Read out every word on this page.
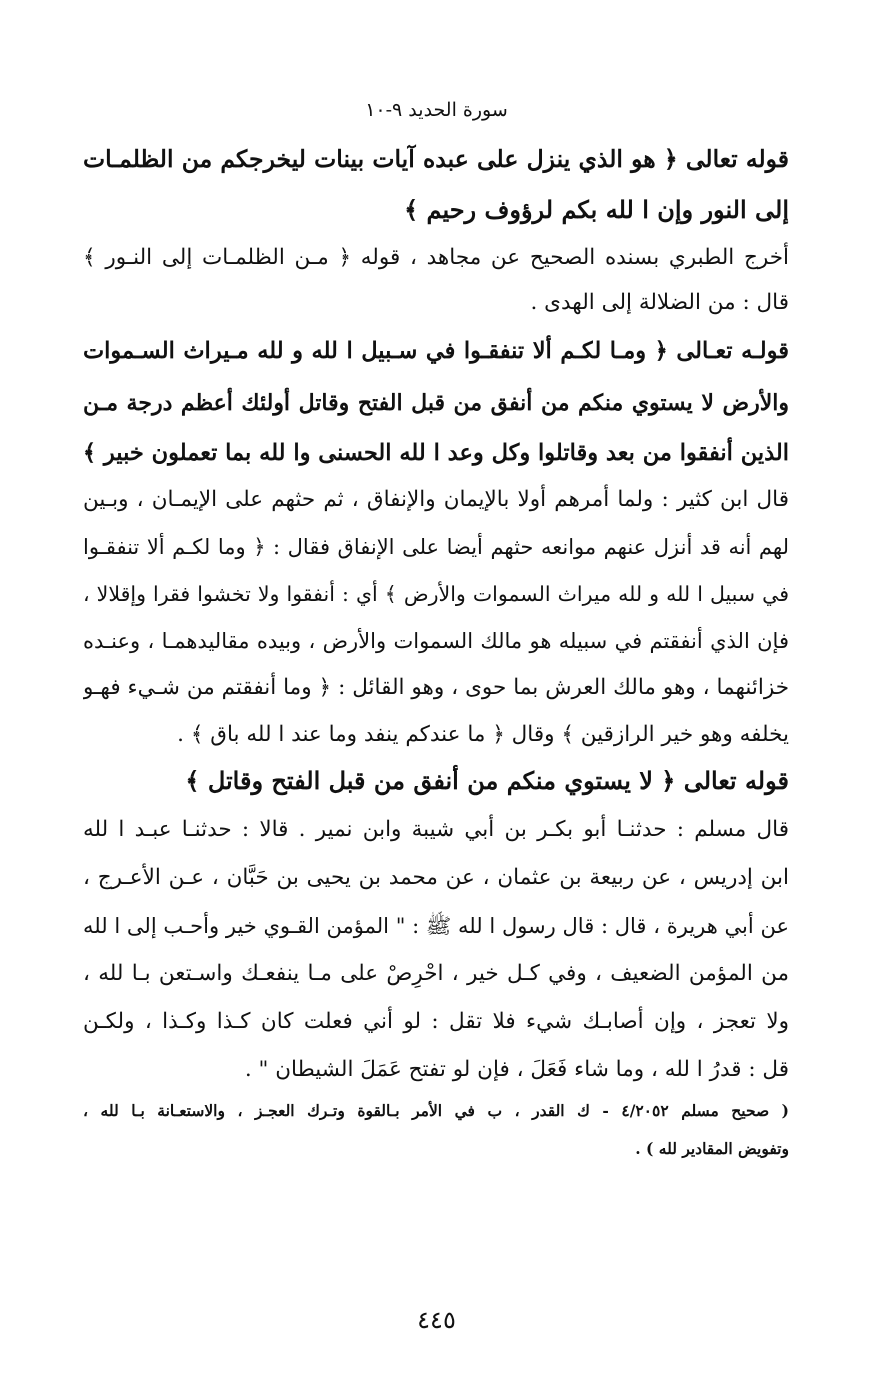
سورة الحديد ٩-١٠
قوله تعالى ﴿ هو الذي ينزل على عبده آيات بينات ليخرجكم من الظلمـات
إلى النور وإن ا لله بكم لرؤوف رحيم ﴾
أخرج الطبري بسنده الصحيح عن مجاهد ، قوله ﴿ مـن الظلمـات إلى النـور ﴾
قال : من الضلالة إلى الهدى .
قولـه تعـالى ﴿ ومـا لكـم ألا تنفقـوا في سـبيل ا لله و لله مـيراث السـموات
والأرض لا يستوي منكم من أنفق من قبل الفتح وقاتل أولئك أعظم درجة مـن
الذين أنفقوا من بعد وقاتلوا وكل وعد ا لله الحسنى وا لله بما تعملون خبير ﴾
قال ابن كثير : ولما أمرهم أولا بالإيمان والإنفاق ، ثم حثهم على الإيمـان ، وبـين
لهم أنه قد أنزل عنهم موانعه حثهم أيضا على الإنفاق فقال : ﴿ وما لكـم ألا تنفقـوا
في سبيل ا لله و لله ميراث السموات والأرض ﴾ أي : أنفقوا ولا تخشوا فقرا وإقلالا ،
فإن الذي أنفقتم في سبيله هو مالك السموات والأرض ، وبيده مقاليدهمـا ، وعنـده
خزائنهما ، وهو مالك العرش بما حوى ، وهو القائل : ﴿ وما أنفقتم من شـيء فهـو
يخلفه وهو خير الرازقين ﴾ وقال ﴿ ما عندكم ينفد وما عند ا لله باق ﴾ .
قوله تعالى ﴿ لا يستوي منكم من أنفق من قبل الفتح وقاتل ﴾
قال مسلم : حدثنـا أبو بكـر بن أبي شيبة وابن نمير . قالا : حدثنـا عبـد ا لله
ابن إدريس ، عن ربيعة بن عثمان ، عن محمد بن يحيى بن حَبَّان ، عـن الأعـرج ،
عن أبي هريرة ، قال : قال رسول ا لله ﷺ : " المؤمن القـوي خير وأحـب إلى ا لله
من المؤمن الضعيف ، وفي كـل خير ، احْرِصْ على مـا ينفعـك واسـتعن بـا لله ،
ولا تعجز ، وإن أصابـك شيء فلا تقل : لو أني فعلت كان كـذا وكـذا ، ولكـن
قل : قدرُ ا لله ، وما شاء فَعَلَ ، فإن لو تفتح عَمَلَ الشيطان " .
( صحيح مسلم ٤/٢٠٥٢ - ك القدر ، ب في الأمر بـالقوة وتـرك العجـز ، والاستعـانة بـا لله ،
وتفويض المقادير لله ) .
٤٤٥
